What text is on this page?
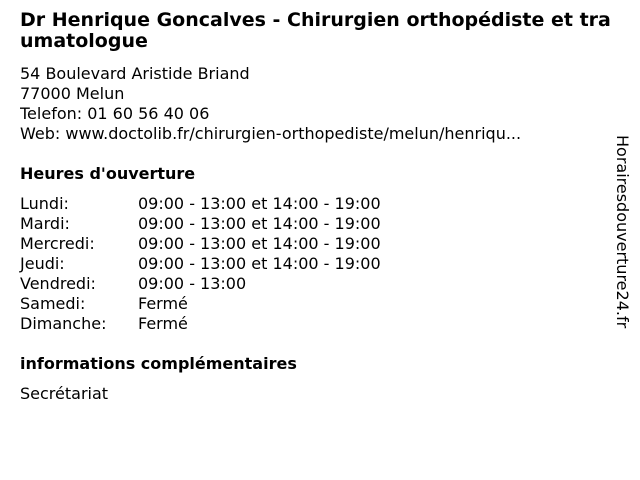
Dr Henrique Goncalves - Chirurgien orthopédiste et traumatologue
54 Boulevard Aristide Briand
77000 Melun
Telefon: 01 60 56 40 06
Web: www.doctolib.fr/chirurgien-orthopediste/melun/henriqu...
Heures d'ouverture
Lundi:	09:00 - 13:00 et 14:00 - 19:00
Mardi:	09:00 - 13:00 et 14:00 - 19:00
Mercredi:	09:00 - 13:00 et 14:00 - 19:00
Jeudi:	09:00 - 13:00 et 14:00 - 19:00
Vendredi:	09:00 - 13:00
Samedi:	Fermé
Dimanche:	Fermé
informations complémentaires

Secrétariat

Horairesdouverture24.fr
